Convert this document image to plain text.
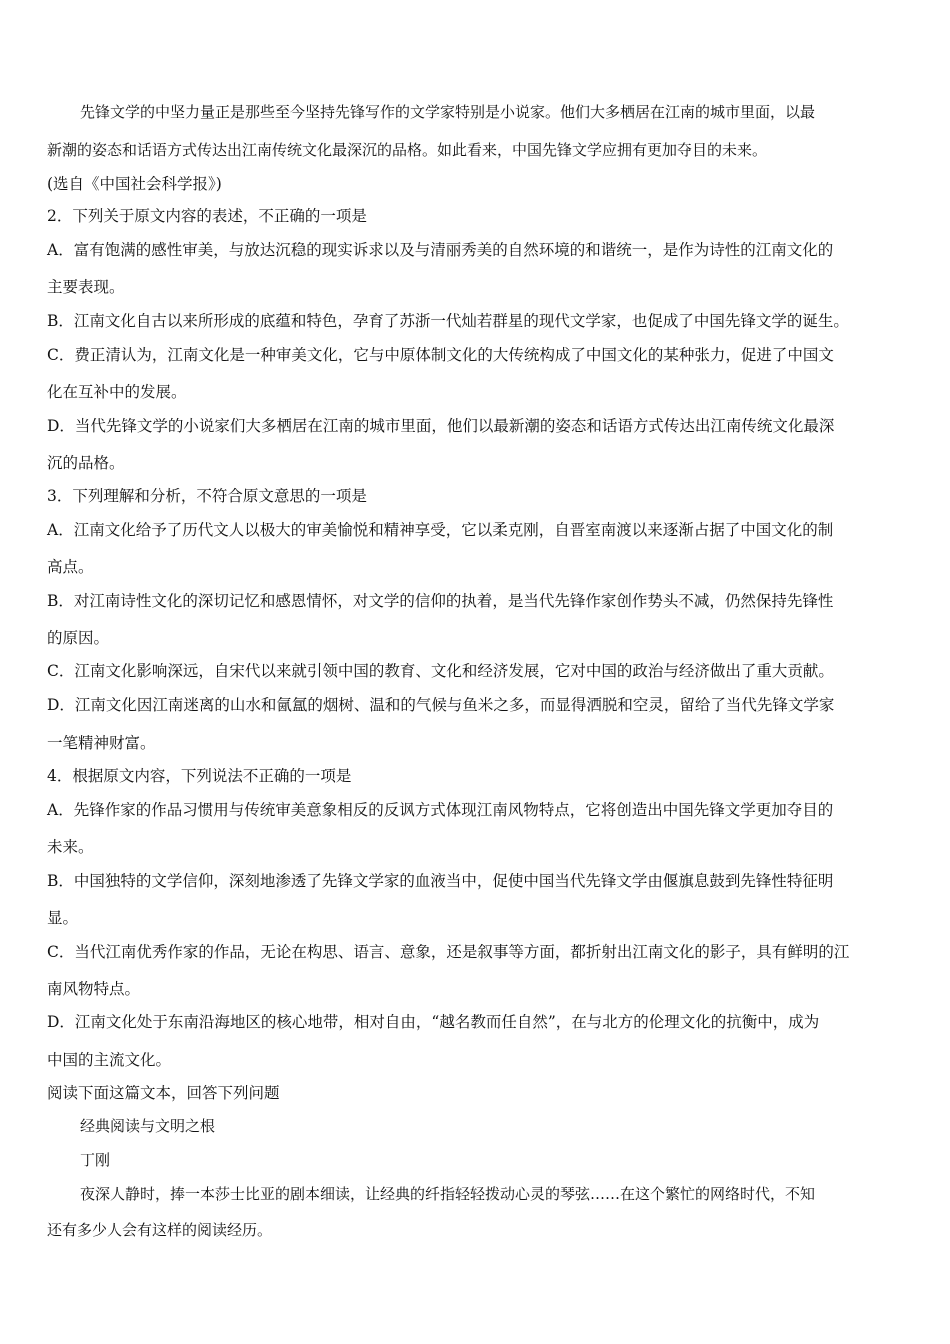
先锋文学的中坚力量正是那些至今坚持先锋写作的文学家特别是小说家。他们大多栖居在江南的城市里面，以最
新潮的姿态和话语方式传达出江南传统文化最深沉的品格。如此看来，中国先锋文学应拥有更加夺目的未来。
(选自《中国社会科学报》)
2．下列关于原文内容的表述，不正确的一项是
A．富有饱满的感性审美，与放达沉稳的现实诉求以及与清丽秀美的自然环境的和谐统一，是作为诗性的江南文化的
主要表现。
B．江南文化自古以来所形成的底蕴和特色，孕育了苏浙一代灿若群星的现代文学家，也促成了中国先锋文学的诞生。
C．费正清认为，江南文化是一种审美文化，它与中原体制文化的大传统构成了中国文化的某种张力，促进了中国文
化在互补中的发展。
D．当代先锋文学的小说家们大多栖居在江南的城市里面，他们以最新潮的姿态和话语方式传达出江南传统文化最深
沉的品格。
3．下列理解和分析，不符合原文意思的一项是
A．江南文化给予了历代文人以极大的审美愉悦和精神享受，它以柔克刚，自晋室南渡以来逐渐占据了中国文化的制
高点。
B．对江南诗性文化的深切记忆和感恩情怀，对文学的信仰的执着，是当代先锋作家创作势头不减，仍然保持先锋性
的原因。
C．江南文化影响深远，自宋代以来就引领中国的教育、文化和经济发展，它对中国的政治与经济做出了重大贡献。
D．江南文化因江南迷离的山水和氤氲的烟树、温和的气候与鱼米之多，而显得洒脱和空灵，留给了当代先锋文学家
一笔精神财富。
4．根据原文内容，下列说法不正确的一项是
A．先锋作家的作品习惯用与传统审美意象相反的反讽方式体现江南风物特点，它将创造出中国先锋文学更加夺目的
未来。
B．中国独特的文学信仰，深刻地渗透了先锋文学家的血液当中，促使中国当代先锋文学由偃旗息鼓到先锋性特征明
显。
C．当代江南优秀作家的作品，无论在构思、语言、意象，还是叙事等方面，都折射出江南文化的影子，具有鲜明的江
南风物特点。
D．江南文化处于东南沿海地区的核心地带，相对自由，“越名教而任自然”，在与北方的伦理文化的抗衡中，成为
中国的主流文化。
阅读下面这篇文本，回答下列问题
经典阅读与文明之根
丁刚
夜深人静时，捧一本莎士比亚的剧本细读，让经典的纤指轻轻拨动心灵的琴弦……在这个繁忙的网络时代，不知
还有多少人会有这样的阅读经历。
